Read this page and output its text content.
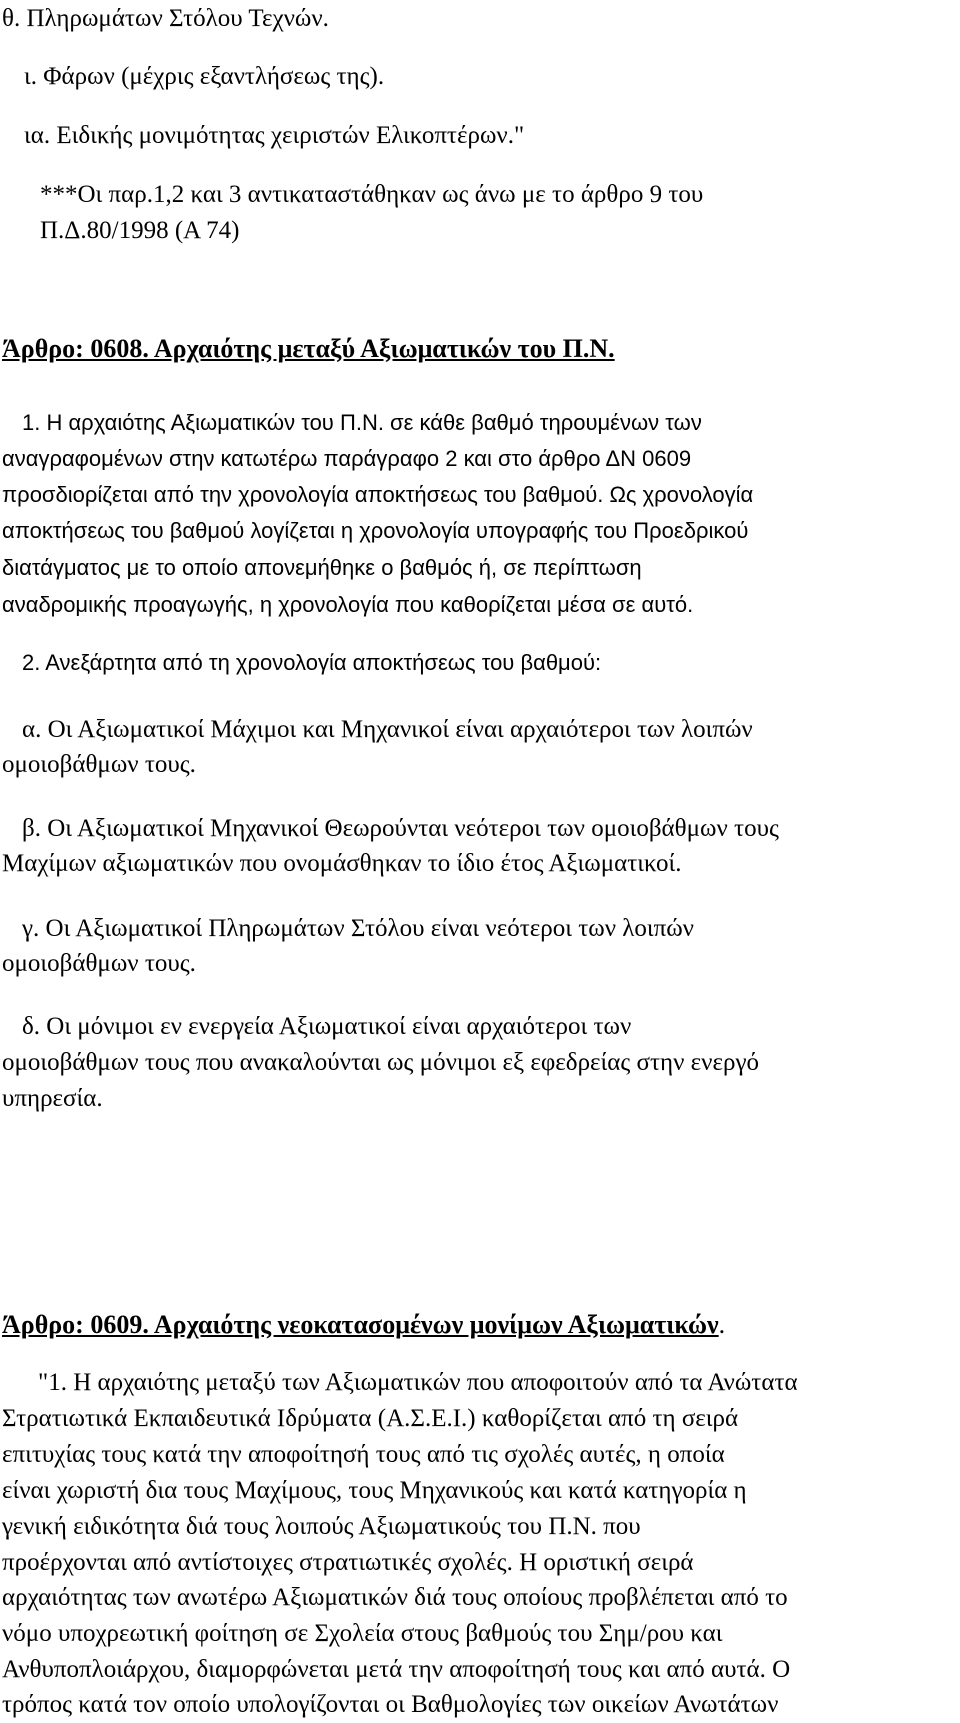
θ. Πληρωμάτων Στόλου Τεχνών.

ι. Φάρων (μέχρις εξαντλήσεως της).

ια. Ειδικής μονιμότητας χειριστών Ελικοπτέρων."

***Οι παρ.1,2 και 3 αντικαταστάθηκαν ως άνω με το άρθρο 9 του

Π.Δ.80/1998 (Α 74)

Άρθρο: 0608. Αρχαιότης μεταξύ Αξιωματικών του Π.Ν.

1. Η αρχαιότης Αξιωματικών του Π.Ν. σε κάθε βαθμό τηρουμένων των

αναγραφομένων στην κατωτέρω παράγραφο 2 και στο άρθρο ΔΝ 0609

προσδιορίζεται από την χρονολογία αποκτήσεως του βαθμού. Ως χρονολογία

αποκτήσεως του βαθμού λογίζεται η χρονολογία υπογραφής του Προεδρικού

διατάγματος με το οποίο απονεμήθηκε ο βαθμός ή, σε περίπτωση

αναδρομικής προαγωγής, η χρονολογία που καθορίζεται μέσα σε αυτό.

2. Ανεξάρτητα από τη χρονολογία αποκτήσεως του βαθμού:

α. Οι Αξιωματικοί Μάχιμοι και Μηχανικοί είναι αρχαιότεροι των λοιπών

ομοιοβάθμων τους.

β. Οι Αξιωματικοί Μηχανικοί Θεωρούνται νεότεροι των ομοιοβάθμων τους

Μαχίμων αξιωματικών που ονομάσθηκαν το ίδιο έτος Αξιωματικοί.

γ. Οι Αξιωματικοί Πληρωμάτων Στόλου είναι νεότεροι των λοιπών

ομοιοβάθμων τους.

δ. Οι μόνιμοι εν ενεργεία Αξιωματικοί είναι αρχαιότεροι των

ομοιοβάθμων τους που ανακαλούνται ως μόνιμοι εξ εφεδρείας στην ενεργό

υπηρεσία.

Άρθρο: 0609. Αρχαιότης νεοκατασομένων μονίμων Αξιωματικών.

"1. Η αρχαιότης μεταξύ των Αξιωματικών που αποφοιτούν από τα Ανώτατα

Στρατιωτικά Εκπαιδευτικά Ιδρύματα (Α.Σ.Ε.Ι.) καθορίζεται από τη σειρά

επιτυχίας τους κατά την αποφοίτησή τους από τις σχολές αυτές, η οποία

είναι χωριστή δια τους Μαχίμους, τους Μηχανικούς και κατά κατηγορία η

γενική ειδικότητα διά τους λοιπούς Αξιωματικούς του Π.Ν. που

προέρχονται από αντίστοιχες στρατιωτικές σχολές. Η οριστική σειρά

αρχαιότητας των ανωτέρω Αξιωματικών διά τους οποίους προβλέπεται από το

νόμο υποχρεωτική φοίτηση σε Σχολεία στους βαθμούς του Σημ/ρου και

Ανθυποπλοιάρχου, διαμορφώνεται μετά την αποφοίτησή τους και από αυτά. Ο

τρόπος κατά τον οποίο υπολογίζονται οι Βαθμολογίες των οικείων Ανωτάτων
